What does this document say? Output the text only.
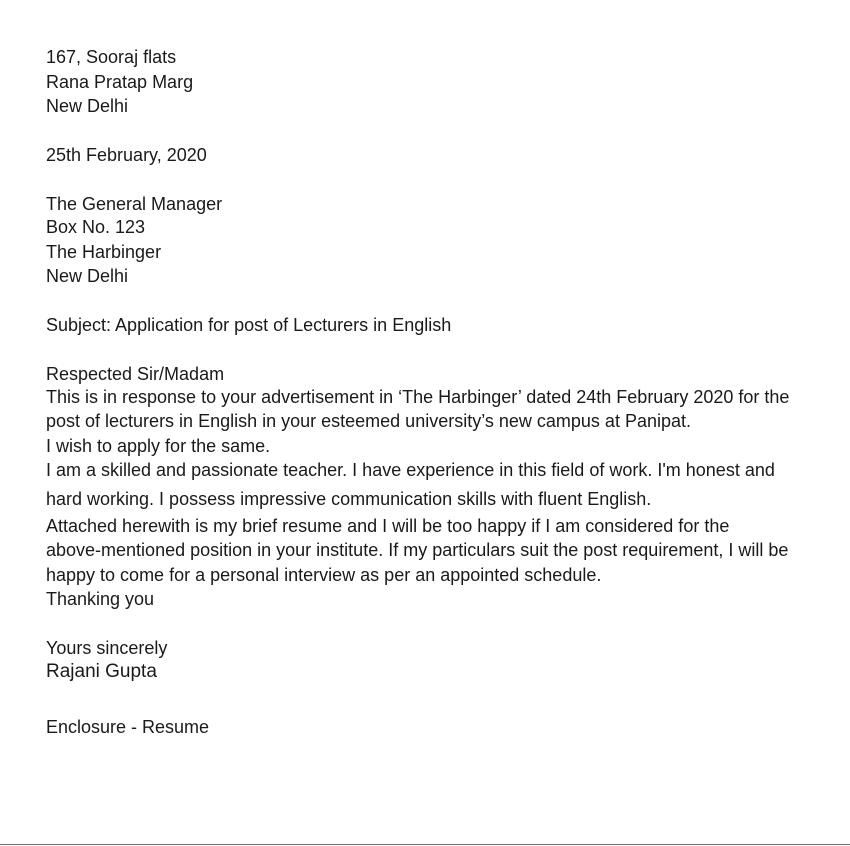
167, Sooraj flats
Rana Pratap Marg
New Delhi
25th February, 2020
The General Manager
Box No. 123
The Harbinger
New Delhi
Subject: Application for post of Lecturers in English
Respected Sir/Madam
This is in response to your advertisement in ‘The Harbinger’ dated 24th February 2020 for the
post of lecturers in English in your esteemed university’s new campus at Panipat.
I wish to apply for the same.
I am a skilled and passionate teacher. I have experience in this field of work. I'm honest and
hard working. I possess impressive communication skills with fluent English.
Attached herewith is my brief resume and I will be too happy if I am considered for the
above-mentioned position in your institute. If my particulars suit the post requirement, I will be
happy to come for a personal interview as per an appointed schedule.
Thanking you
Yours sincerely
Rajani Gupta
Enclosure - Resume
